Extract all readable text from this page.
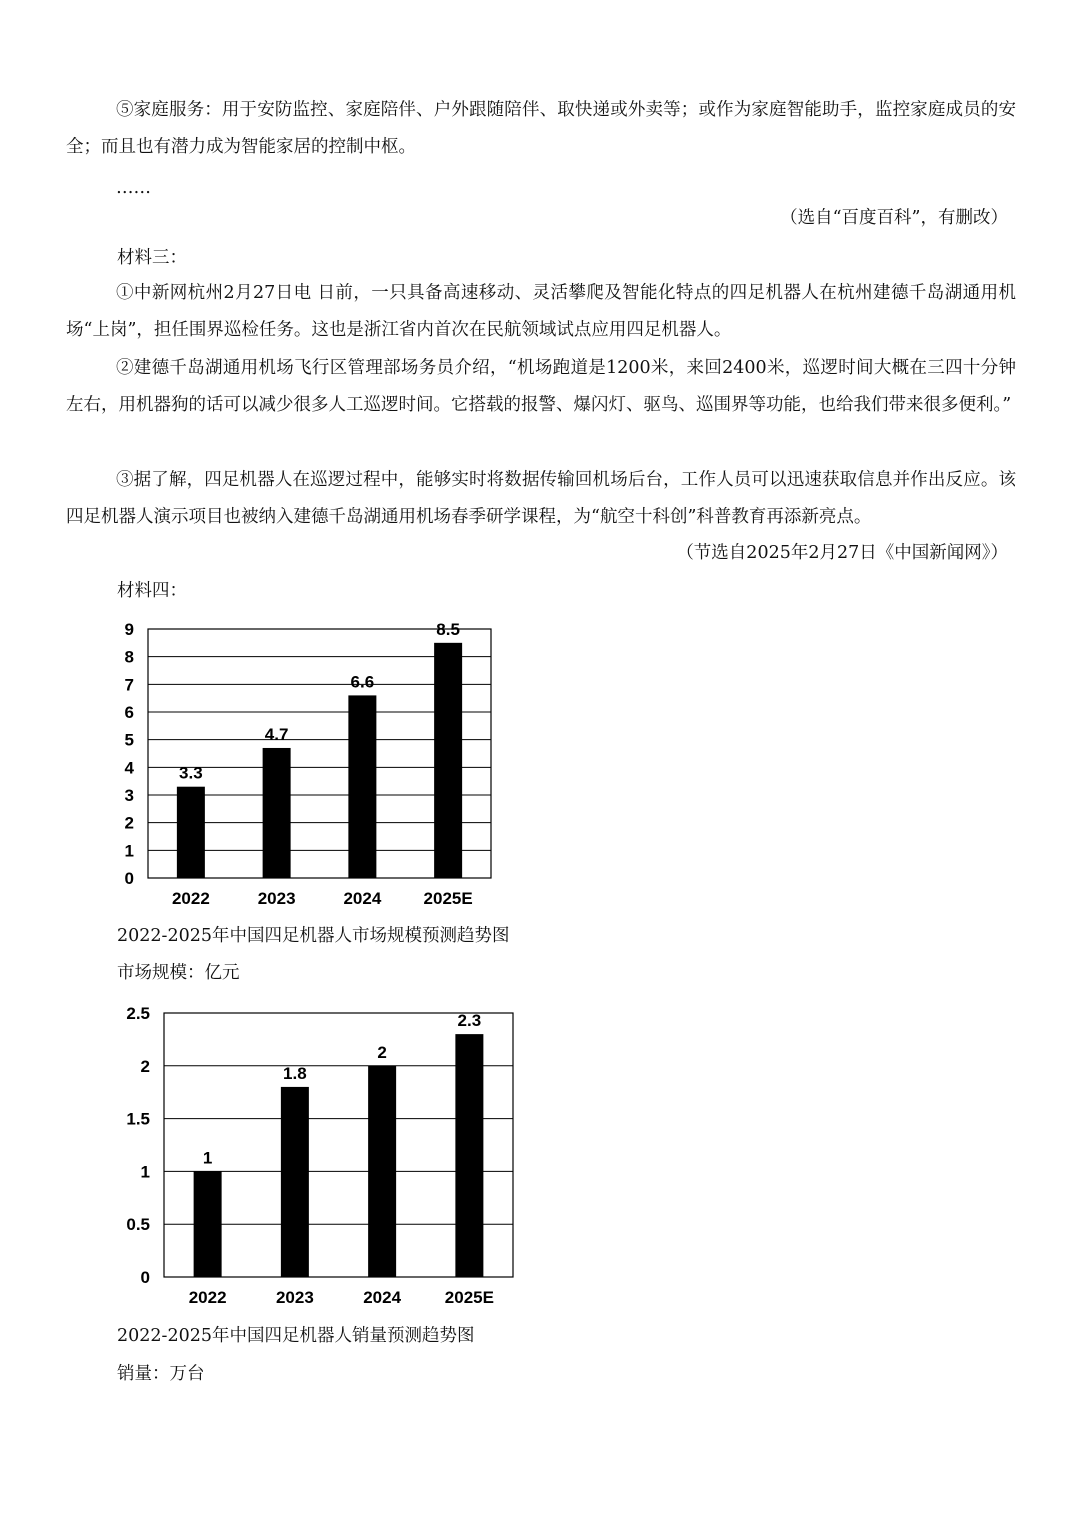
⑤家庭服务：用于安防监控、家庭陪伴、户外跟随陪伴、取快递或外卖等；或作为家庭智能助手，监控家庭成员的安全；而且也有潜力成为智能家居的控制中枢。

……

（选自“百度百科”，有删改）

材料三：

①中新网杭州2月27日电 日前，一只具备高速移动、灵活攀爬及智能化特点的四足机器人在杭州建德千岛湖通用机场“上岗”，担任围界巡检任务。这也是浙江省内首次在民航领域试点应用四足机器人。

②建德千岛湖通用机场飞行区管理部场务员介绍，“机场跑道是1200米，来回2400米，巡逻时间大概在三四十分钟左右，用机器狗的话可以减少很多人工巡逻时间。它搭载的报警、爆闪灯、驱鸟、巡围界等功能，也给我们带来很多便利。”

③据了解，四足机器人在巡逻过程中，能够实时将数据传输回机场后台，工作人员可以迅速获取信息并作出反应。该四足机器人演示项目也被纳入建德千岛湖通用机场春季研学课程，为“航空十科创”科普教育再添新亮点。

（节选自2025年2月27日《中国新闻网》）

材料四：

0
1
2
3
4
5
6
7
8
9
3.3
2022
4.7
2023
6.6
2024
8.5
2025E

2022-2025年中国四足机器人市场规模预测趋势图

市场规模：亿元

0
0.5
1
1.5
2
2.5
1
2022
1.8
2023
2
2024
2.3
2025E

2022-2025年中国四足机器人销量预测趋势图

销量：万台
